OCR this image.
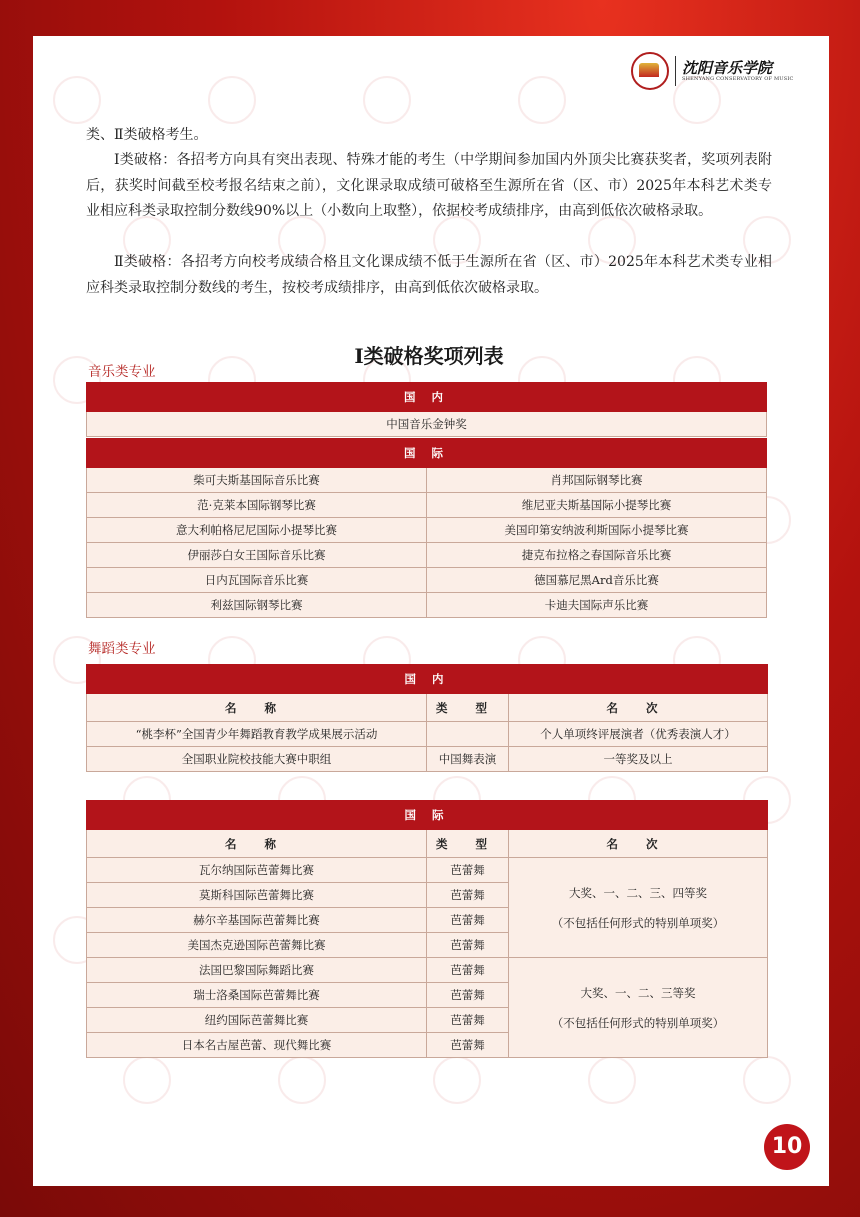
沈阳音乐学院
SHENYANG CONSERVATORY OF MUSIC
类、Ⅱ类破格考生。
Ⅰ类破格：各招考方向具有突出表现、特殊才能的考生（中学期间参加国内外顶尖比赛获奖者，奖项列表附后，获奖时间截至校考报名结束之前），文化课录取成绩可破格至生源所在省（区、市）2025年本科艺术类专业相应科类录取控制分数线90%以上（小数向上取整），依据校考成绩排序，由高到低依次破格录取。
Ⅱ类破格：各招考方向校考成绩合格且文化课成绩不低于生源所在省（区、市）2025年本科艺术类专业相应科类录取控制分数线的考生，按校考成绩排序，由高到低依次破格录取。
I类破格奖项列表
音乐类专业
国 内
中国音乐金钟奖
国 际	
柴可夫斯基国际音乐比赛	肖邦国际钢琴比赛
范·克莱本国际钢琴比赛	维尼亚夫斯基国际小提琴比赛
意大利帕格尼尼国际小提琴比赛	美国印第安纳波利斯国际小提琴比赛
伊丽莎白女王国际音乐比赛	捷克布拉格之春国际音乐比赛
日内瓦国际音乐比赛	德国慕尼黑Ard音乐比赛
利兹国际钢琴比赛	卡迪夫国际声乐比赛
舞蹈类专业
国 内		
名 称	类 型	名 次
“桃李杯”全国青少年舞蹈教育教学成果展示活动		个人单项终评展演者（优秀表演人才）
全国职业院校技能大赛中职组	中国舞表演	一等奖及以上
国 际		
名 称	类 型	名 次
瓦尔纳国际芭蕾舞比赛	芭蕾舞	大奖、一、二、三、四等奖
（不包括任何形式的特别单项奖）

莫斯科国际芭蕾舞比赛	芭蕾舞	
赫尔辛基国际芭蕾舞比赛	芭蕾舞	
美国杰克逊国际芭蕾舞比赛	芭蕾舞	
法国巴黎国际舞蹈比赛	芭蕾舞	大奖、一、二、三等奖
（不包括任何形式的特别单项奖）

瑞士洛桑国际芭蕾舞比赛	芭蕾舞	
纽约国际芭蕾舞比赛	芭蕾舞	
日本名古屋芭蕾、现代舞比赛	芭蕾舞	
10
